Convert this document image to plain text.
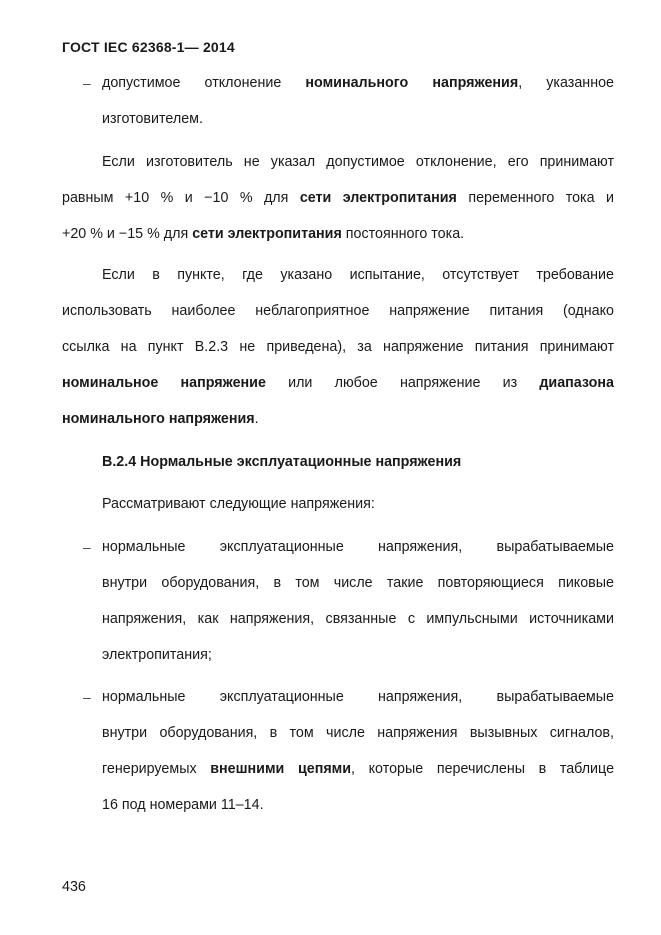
ГОСТ IEC 62368-1— 2014
– допустимое отклонение номинального напряжения, указанное
изготовителем.
Если изготовитель не указал допустимое отклонение, его принимают
равным +10 % и −10 % для сети электропитания переменного тока и
+20 % и −15 % для сети электропитания постоянного тока.
Если в пункте, где указано испытание, отсутствует требование
использовать наиболее неблагоприятное напряжение питания (однако
ссылка на пункт В.2.3 не приведена), за напряжение питания принимают
номинальное напряжение или любое напряжение из диапазона
номинального напряжения.
В.2.4 Нормальные эксплуатационные напряжения
Рассматривают следующие напряжения:
– нормальные эксплуатационные напряжения, вырабатываемые
внутри оборудования, в том числе такие повторяющиеся пиковые
напряжения, как напряжения, связанные с импульсными источниками
электропитания;
– нормальные эксплуатационные напряжения, вырабатываемые
внутри оборудования, в том числе напряжения вызывных сигналов,
генерируемых внешними цепями, которые перечислены в таблице
16 под номерами 11–14.
436
